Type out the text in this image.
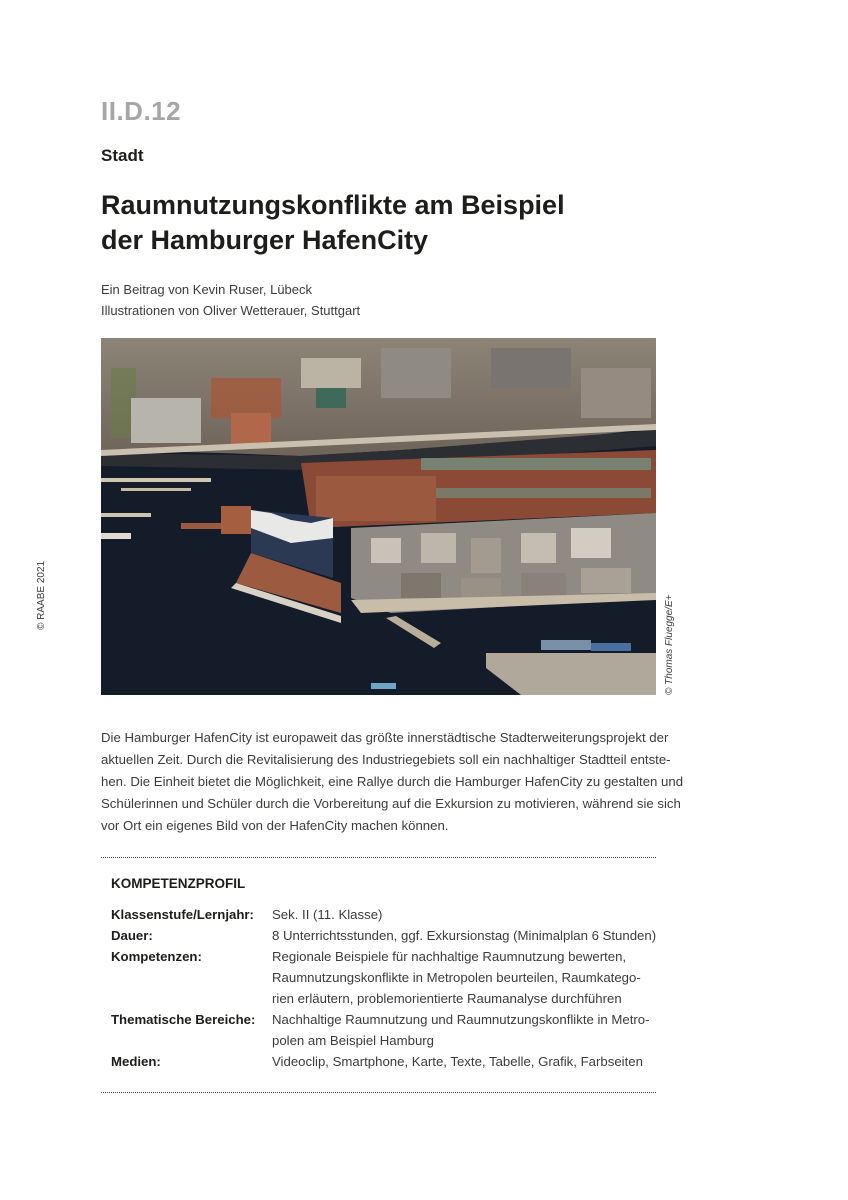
II.D.12
Stadt
Raumnutzungskonflikte am Beispiel
der Hamburger HafenCity
Ein Beitrag von Kevin Ruser, Lübeck
Illustrationen von Oliver Wetterauer, Stuttgart
© RAABE 2021	© Thomas Fluegge/E+
Die Hamburger HafenCity ist europaweit das größte innerstädtische Stadterweiterungsprojekt der
aktuellen Zeit. Durch die Revitalisierung des Industriegebiets soll ein nachhaltiger Stadtteil entste-
hen. Die Einheit bietet die Möglichkeit, eine Rallye durch die Hamburger HafenCity zu gestalten und
Schülerinnen und Schüler durch die Vorbereitung auf die Exkursion zu motivieren, während sie sich
vor Ort ein eigenes Bild von der HafenCity machen können.
KOMPETENZPROFIL
Klassenstufe/Lernjahr:	Sek. II (11. Klasse)
Dauer:	8 Unterrichtsstunden, ggf. Exkursionstag (Minimalplan 6 Stunden)
Kompetenzen:	Regionale Beispiele für nachhaltige Raumnutzung bewerten,
Raumnutzungskonflikte in Metropolen beurteilen, Raumkatego-
rien erläutern, problemorientierte Raumanalyse durchführen
Thematische Bereiche:	Nachhaltige Raumnutzung und Raumnutzungskonflikte in Metro-
polen am Beispiel Hamburg
Medien:	Videoclip, Smartphone, Karte, Texte, Tabelle, Grafik, Farbseiten
